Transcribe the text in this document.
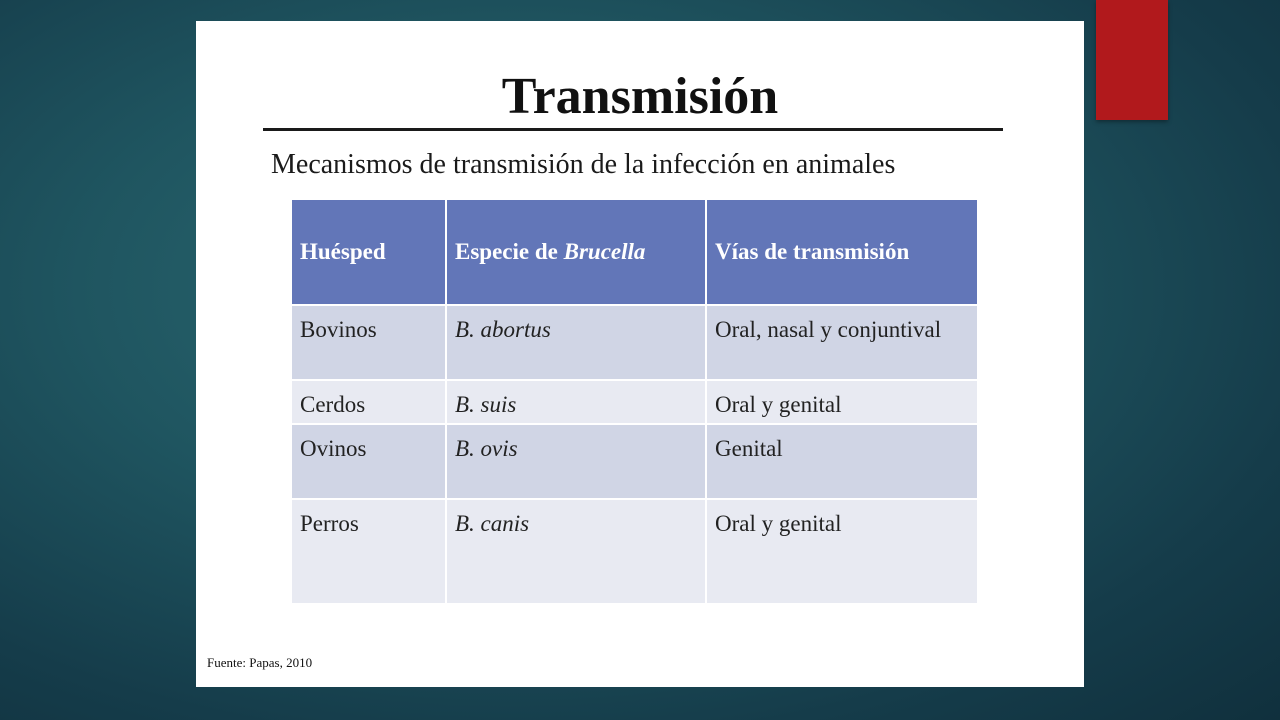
Transmisión
Mecanismos de transmisión de la infección en animales
Huésped	Especie de Brucella	Vías de transmisión
Bovinos	B. abortus	Oral, nasal y conjuntival
Cerdos	B. suis	Oral y genital
Ovinos	B. ovis	Genital
Perros	B. canis	Oral y genital
Fuente: Papas, 2010
